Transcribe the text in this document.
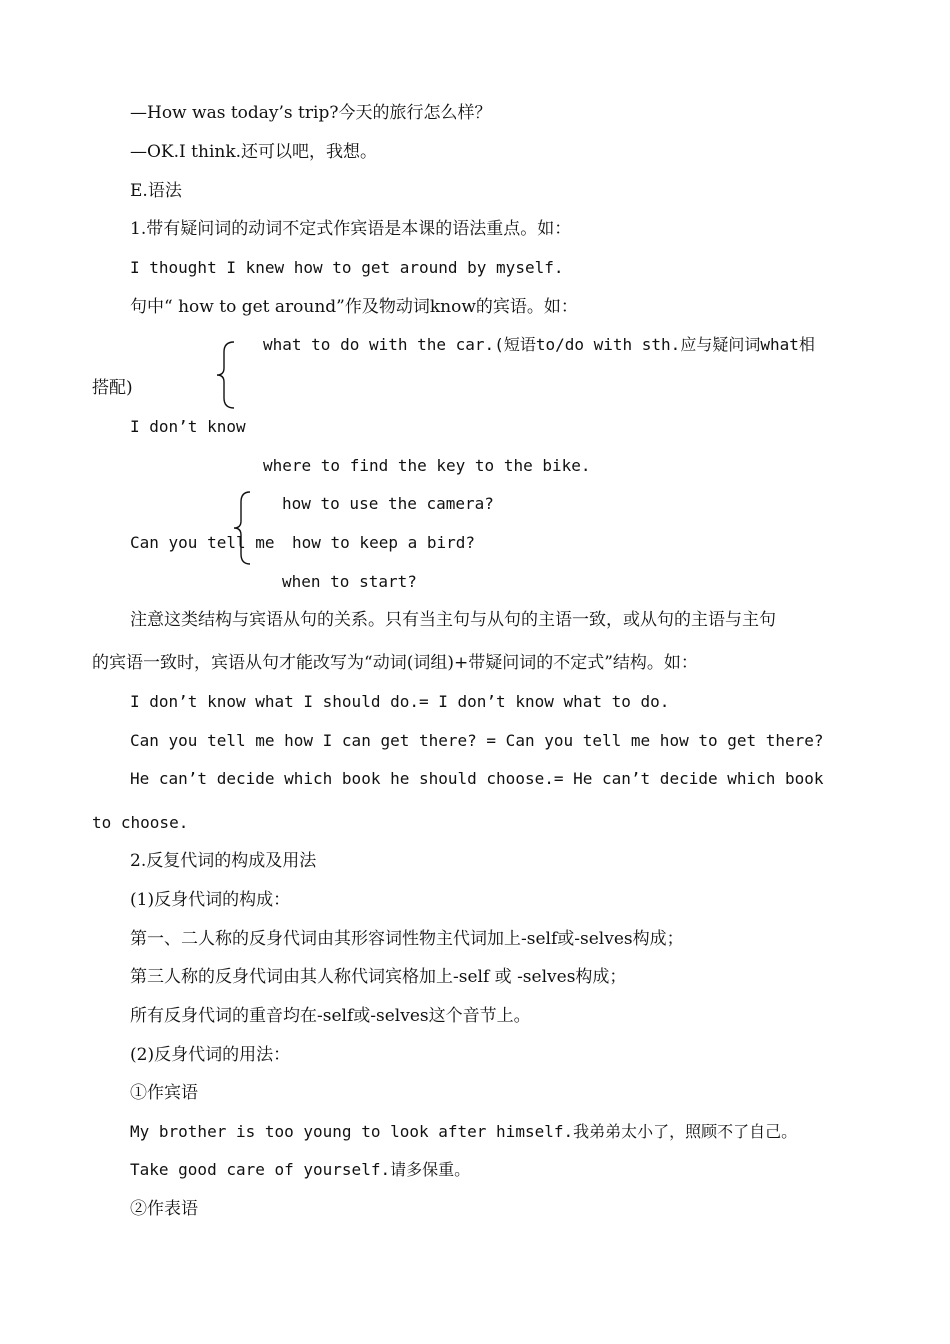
—How was today’s trip?今天的旅行怎么样？
—OK.I think.还可以吧，我想。
E.语法
1.带有疑问词的动词不定式作宾语是本课的语法重点。如：
I thought I knew how to get around by myself.
句中“ how to get around”作及物动词know的宾语。如：
what to do with the car.(短语to/do with sth.应与疑问词what相
搭配)
I don’t know
where to find the key to the bike.
how to use the camera?
Can you tell me how to keep a bird?
when to start?
注意这类结构与宾语从句的关系。只有当主句与从句的主语一致，或从句的主语与主句
的宾语一致时，宾语从句才能改写为“动词(词组)+带疑问词的不定式”结构。如：
I don’t know what I should do.= I don’t know what to do.
Can you tell me how I can get there? = Can you tell me how to get there?
He can’t decide which book he should choose.= He can’t decide which book
to choose.
2.反复代词的构成及用法
(1)反身代词的构成：
第一、二人称的反身代词由其形容词性物主代词加上-self或-selves构成；
第三人称的反身代词由其人称代词宾格加上-self 或 -selves构成；
所有反身代词的重音均在-self或-selves这个音节上。
(2)反身代词的用法：
①作宾语
My brother is too young to look after himself.我弟弟太小了，照顾不了自己。
Take good care of yourself.请多保重。
②作表语
